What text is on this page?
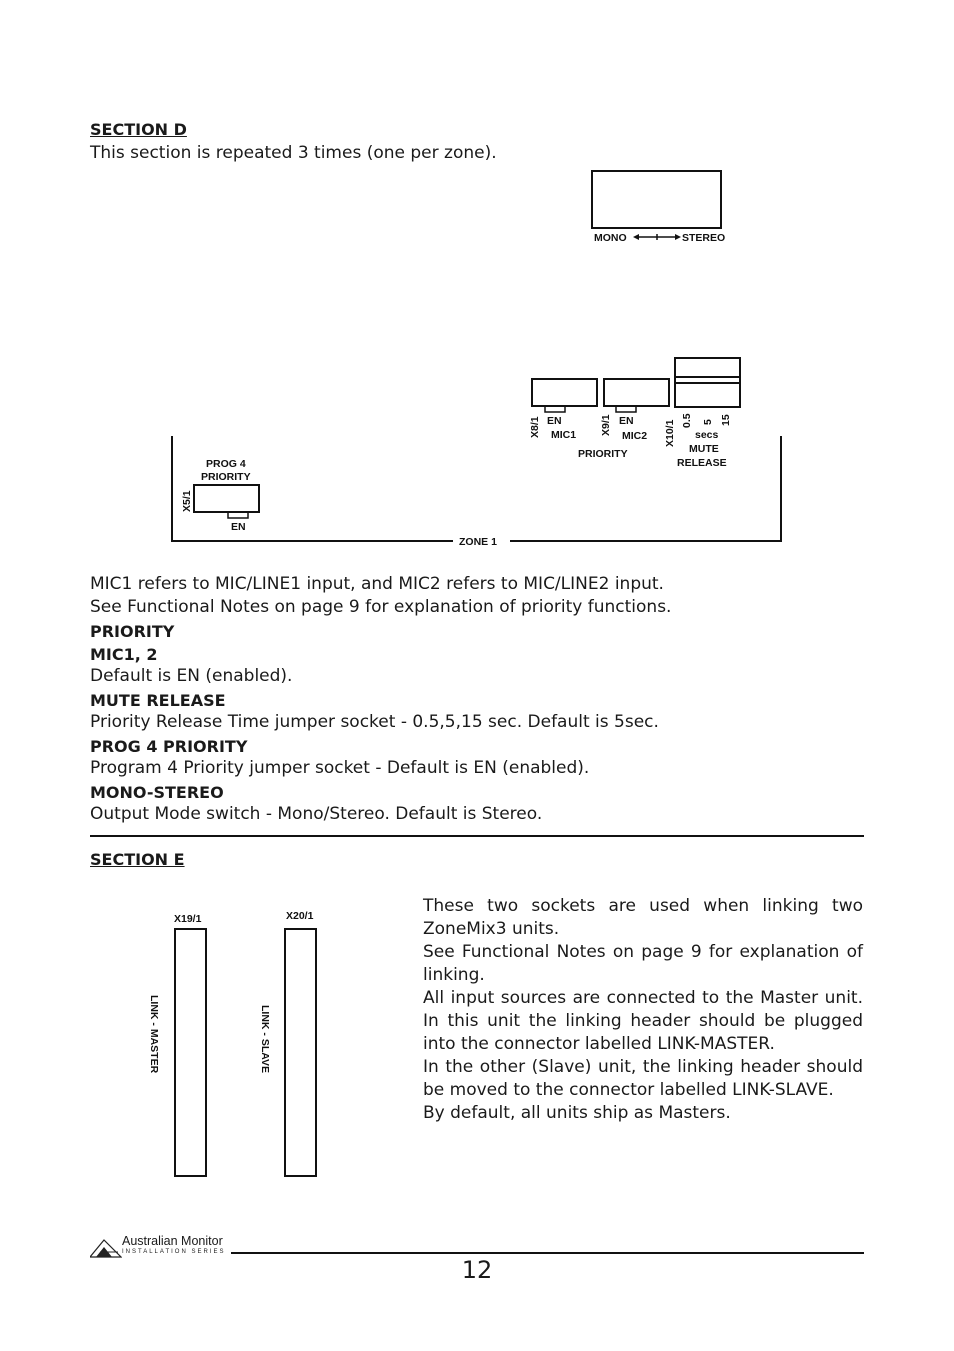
SECTION D
This section is repeated 3 times (one per zone).
MONO	STEREO
ZONE 1
X8/1 EN
MIC1 X9/1 EN
MIC2
PRIORITY
X10/1 0.5 5 15
secs
MUTE
RELEASE
PROG 4
PRIORITY
X5/1
EN
MIC1 refers to MIC/LINE1 input, and MIC2 refers to MIC/LINE2 input.
See Functional Notes on page 9 for explanation of priority functions.
PRIORITY
MIC1, 2
Default is EN (enabled).
MUTE RELEASE
Priority Release Time jumper socket - 0.5,5,15 sec. Default is 5sec.
PROG 4 PRIORITY
Program 4 Priority jumper socket - Default is EN (enabled).
MONO-STEREO
Output Mode switch - Mono/Stereo. Default is Stereo.
SECTION E
X19/1
LINK - MASTER
X20/1
LINK - SLAVE

These two sockets are used when linking two ZoneMix3 units.

See Functional Notes on page 9 for explanation of linking.

All input sources are connected to the Master unit. In this unit the linking header should be plugged into the connector labelled LINK-MASTER.

In the other (Slave) unit, the linking header should be moved to the connector labelled LINK-SLAVE.

By default, all units ship as Masters.

Australian Monitor
INSTALLATION SERIES
12
